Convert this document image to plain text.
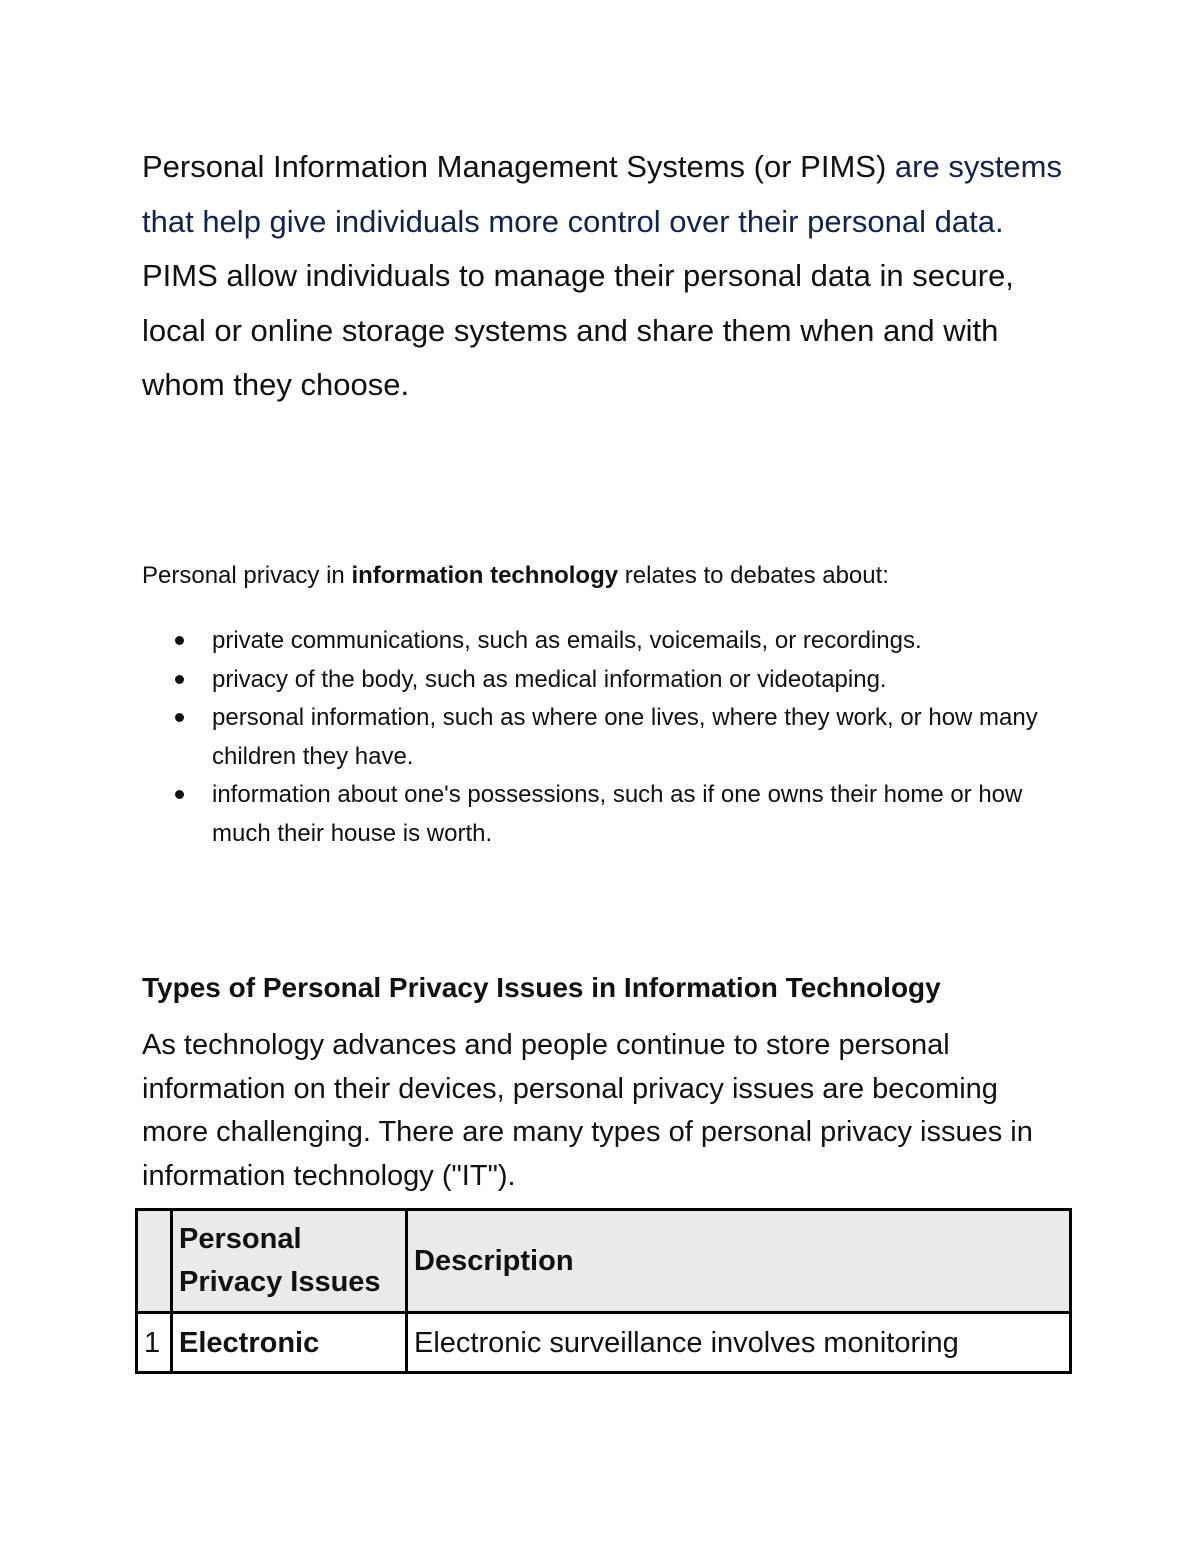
Personal Information Management Systems (or PIMS) are systems that help give individuals more control over their personal data. PIMS allow individuals to manage their personal data in secure, local or online storage systems and share them when and with whom they choose.

Personal privacy in information technology relates to debates about:

private communications, such as emails, voicemails, or recordings.
privacy of the body, such as medical information or videotaping.
personal information, such as where one lives, where they work, or how many children they have.
information about one's possessions, such as if one owns their home or how much their house is worth.
Types of Personal Privacy Issues in Information Technology

As technology advances and people continue to store personal information on their devices, personal privacy issues are becoming more challenging. There are many types of personal privacy issues in information technology ("IT").

	Personal Privacy Issues	Description
1	Electronic	Electronic surveillance involves monitoring
